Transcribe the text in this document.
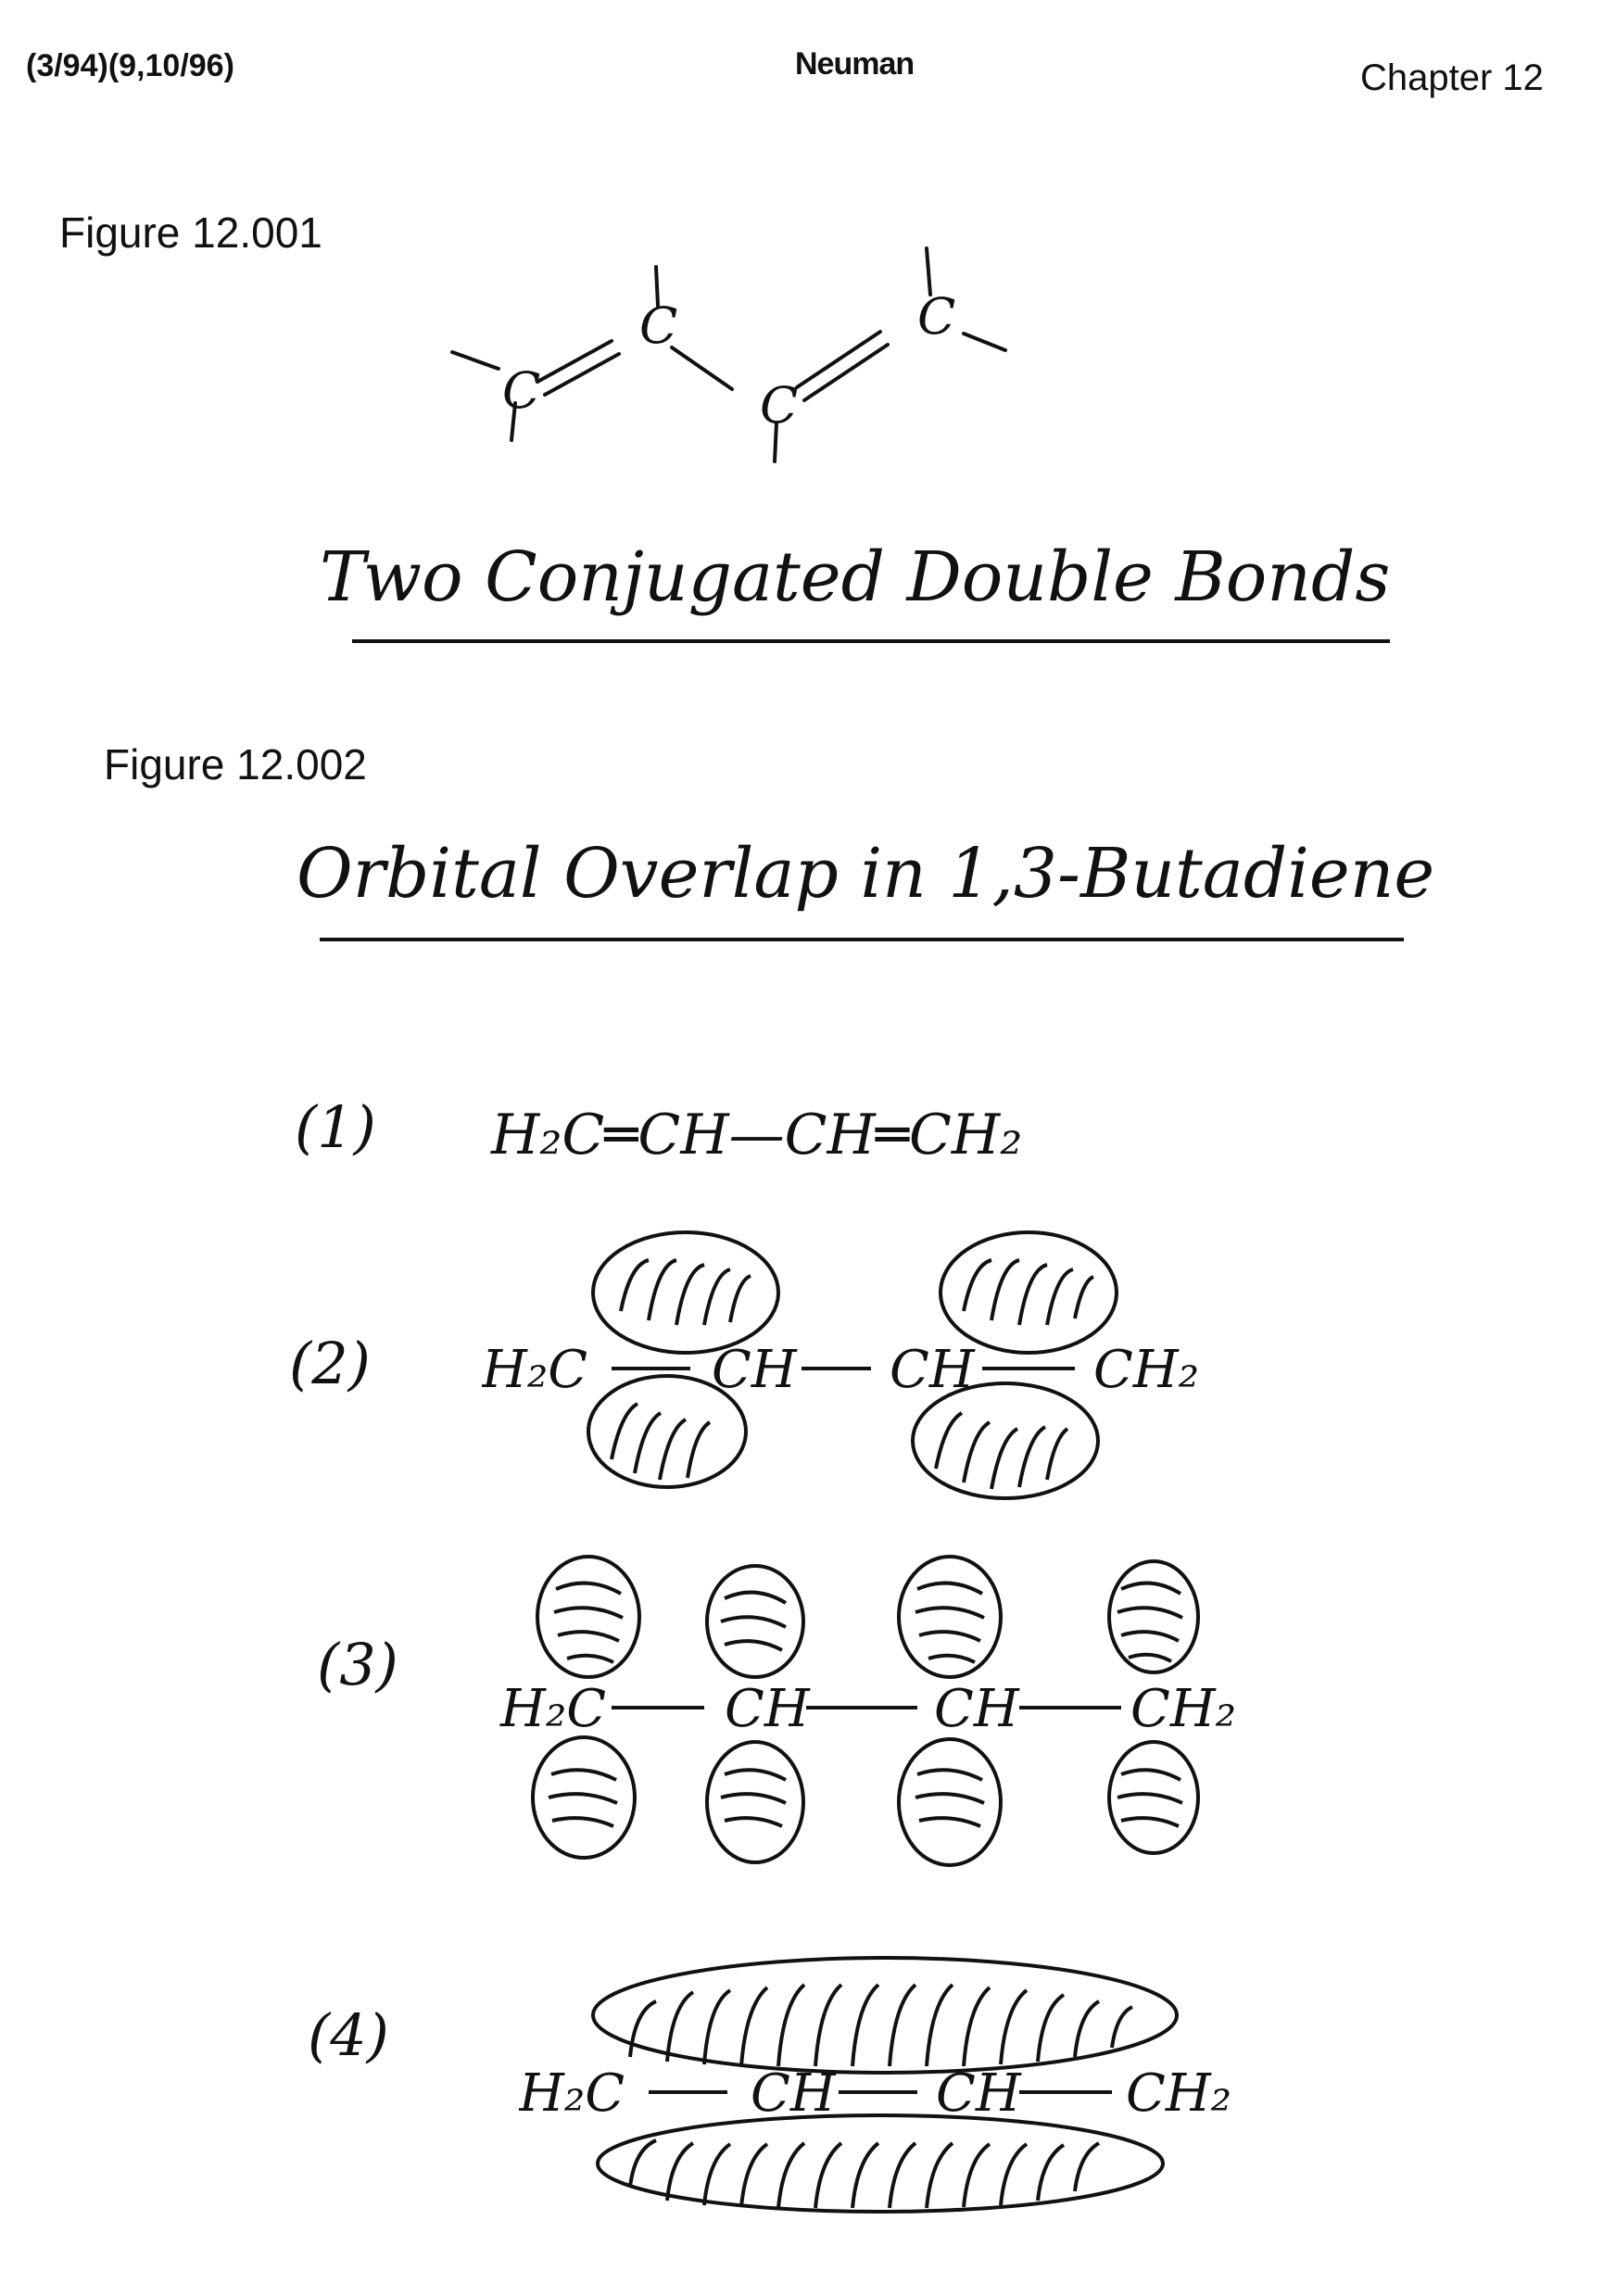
(3/94)(9,10/96)	Neuman	Chapter 12
Figure 12.001
C
C
C
C
Two Conjugated Double Bonds
Figure 12.002
Orbital Overlap in 1,3-Butadiene
(1) H₂C═CH—CH═CH₂
(2) H₂C CH CH CH₂
(3)
H₂C CH CH CH₂
(4)
H₂C CH CH CH₂
